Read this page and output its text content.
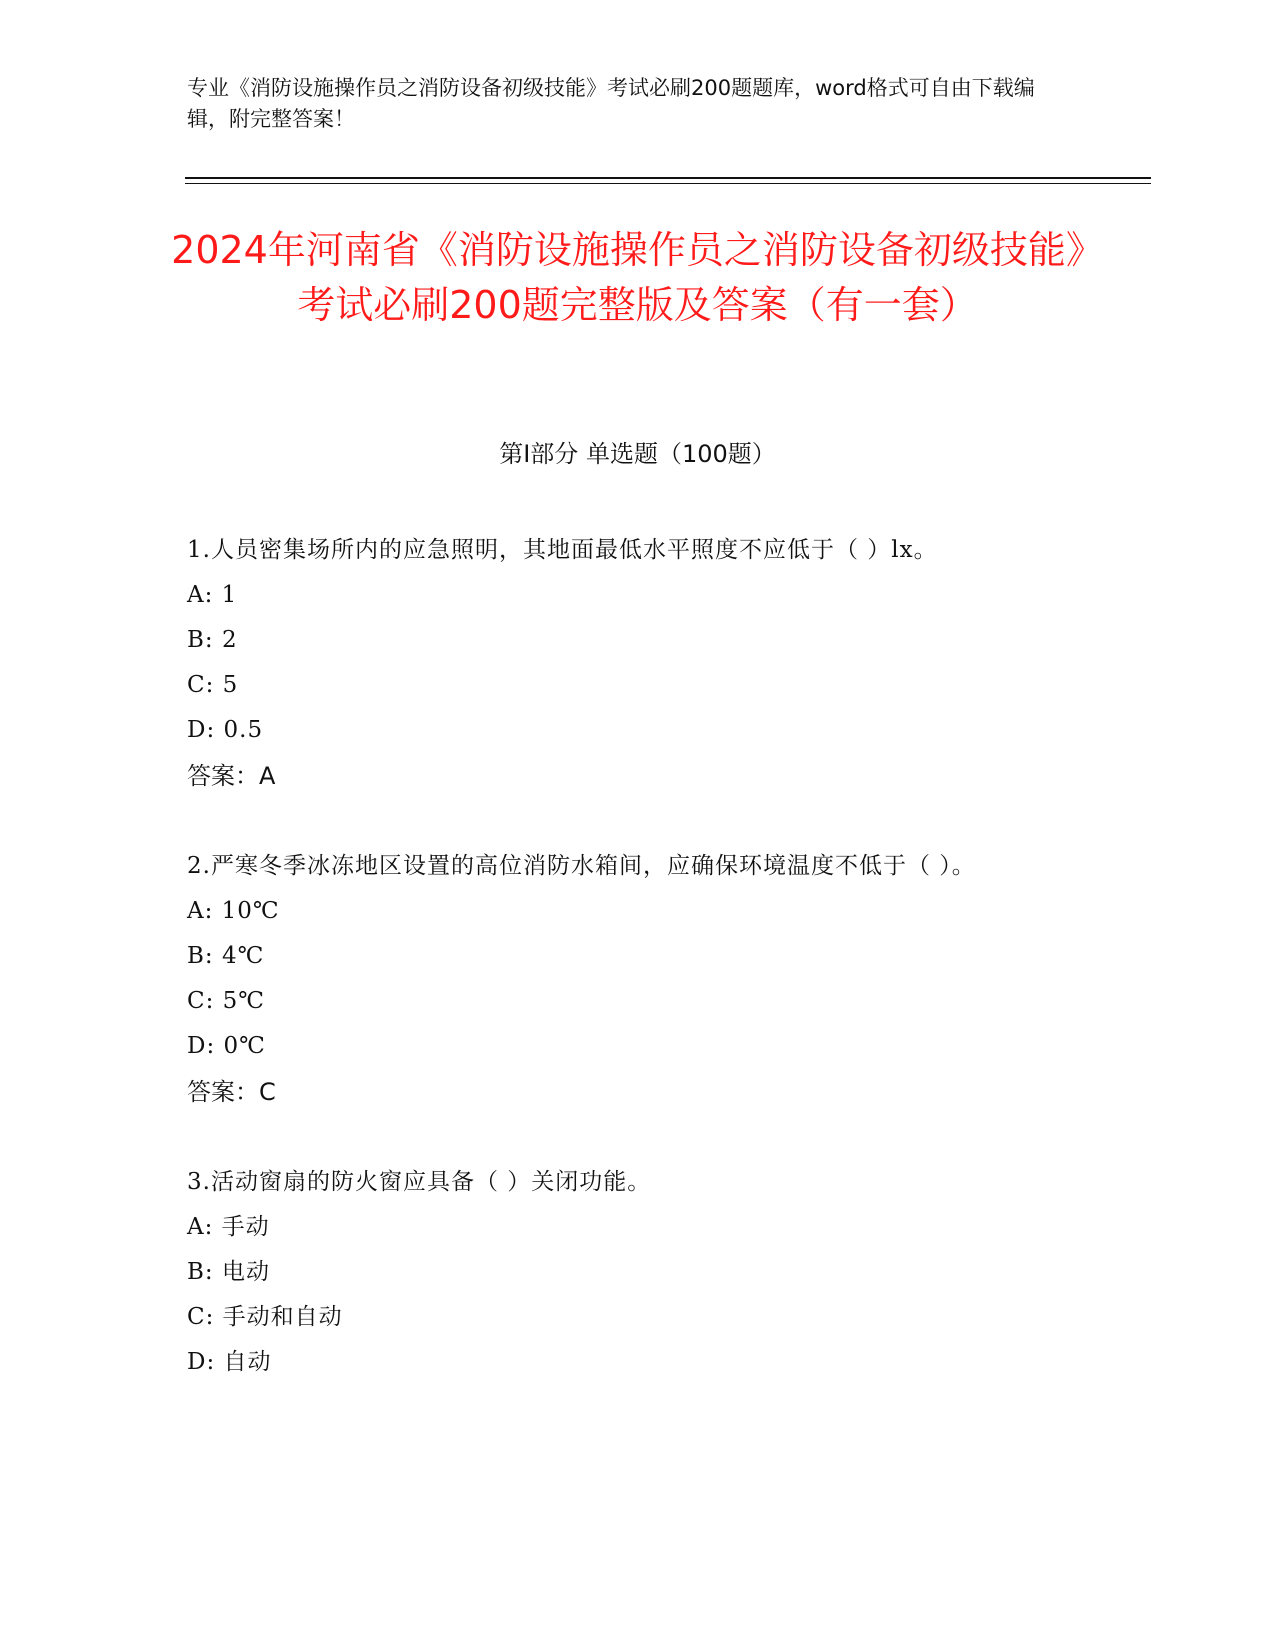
专业《消防设施操作员之消防设备初级技能》考试必刷200题题库，word格式可自由下载编辑，附完整答案！
2024年河南省《消防设施操作员之消防设备初级技能》考试必刷200题完整版及答案（有一套）
第I部分 单选题（100题）
1.人员密集场所内的应急照明，其地面最低水平照度不应低于（ ）lx。
A: 1
B: 2
C: 5
D: 0.5
答案：A
2.严寒冬季冰冻地区设置的高位消防水箱间，应确保环境温度不低于（ ）。
A: 10℃
B: 4℃
C: 5℃
D: 0℃
答案：C
3.活动窗扇的防火窗应具备（ ）关闭功能。
A: 手动
B: 电动
C: 手动和自动
D: 自动
